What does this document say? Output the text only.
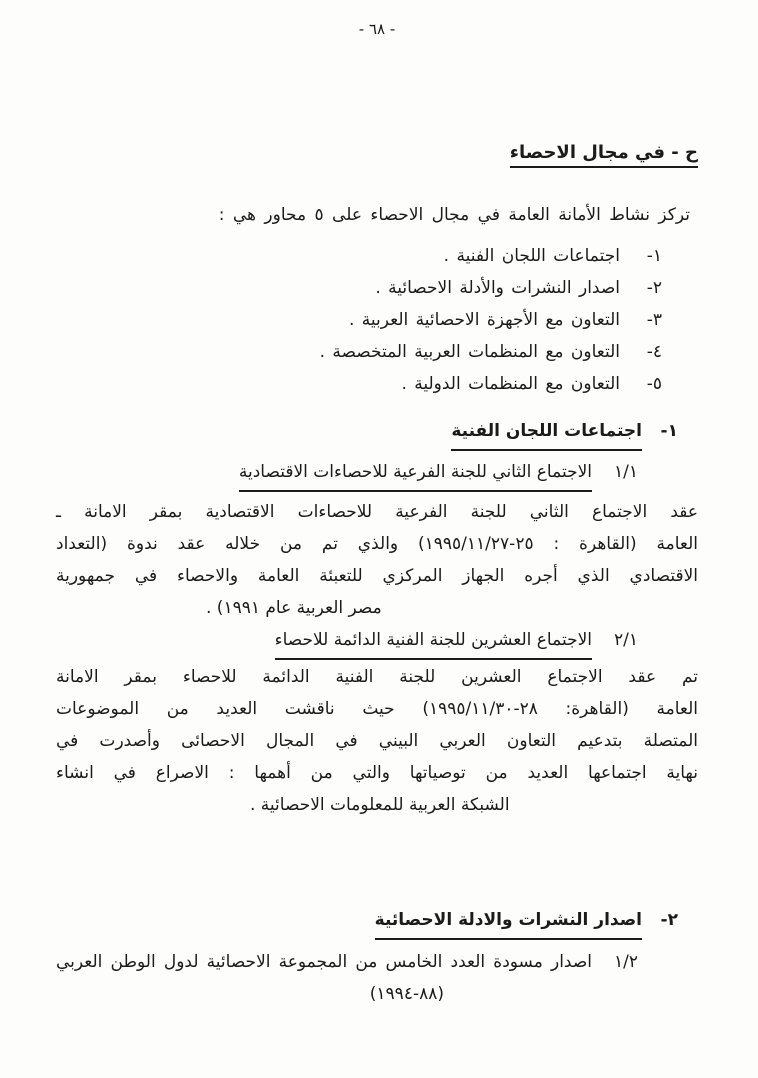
- ٦٨ -
ح - في مجال الاحصاء

تركز نشاط الأمانة العامة في مجال الاحصاء على ٥ محاور هي :

١-
اجتماعات اللجان الفنية .
٢-
اصدار النشرات والأدلة الاحصائية .
٣-
التعاون مع الأجهزة الاحصائية العربية .
٤-
التعاون مع المنظمات العربية المتخصصة .
٥-
التعاون مع المنظمات الدولية .
١-
اجتماعات اللجان الفنية
١/١
الاجتماع الثاني للجنة الفرعية للاحصاءات الاقتصادية
عقد الاجتماع الثاني للجنة الفرعية للاحصاءات الاقتصادية بمقر الامانة ـ
العامة (القاهرة : ٢٥-١٩٩٥/١١/٢٧) والذي تم من خلاله عقد ندوة (التعداد
الاقتصادي الذي أجره الجهاز المركزي للتعبئة العامة والاحصاء في جمهورية
مصر العربية عام ١٩٩١) .
٢/١
الاجتماع العشرين للجنة الفنية الدائمة للاحصاء
تم عقد الاجتماع العشرين للجنة الفنية الدائمة للاحصاء بمقر الامانة
العامة (القاهرة: ٢٨-١٩٩٥/١١/٣٠) حيث ناقشت العديد من الموضوعات
المتصلة بتدعيم التعاون العربي البيني في المجال الاحصائى وأصدرت في
نهاية اجتماعها العديد من توصياتها والتي من أهمها : الاصراع في انشاء
الشبكة العربية للمعلومات الاحصائية .
٢-
اصدار النشرات والادلة الاحصائية
١/٢
اصدار مسودة العدد الخامس من المجموعة الاحصائية لدول الوطن العربي
(٨٨-١٩٩٤)
